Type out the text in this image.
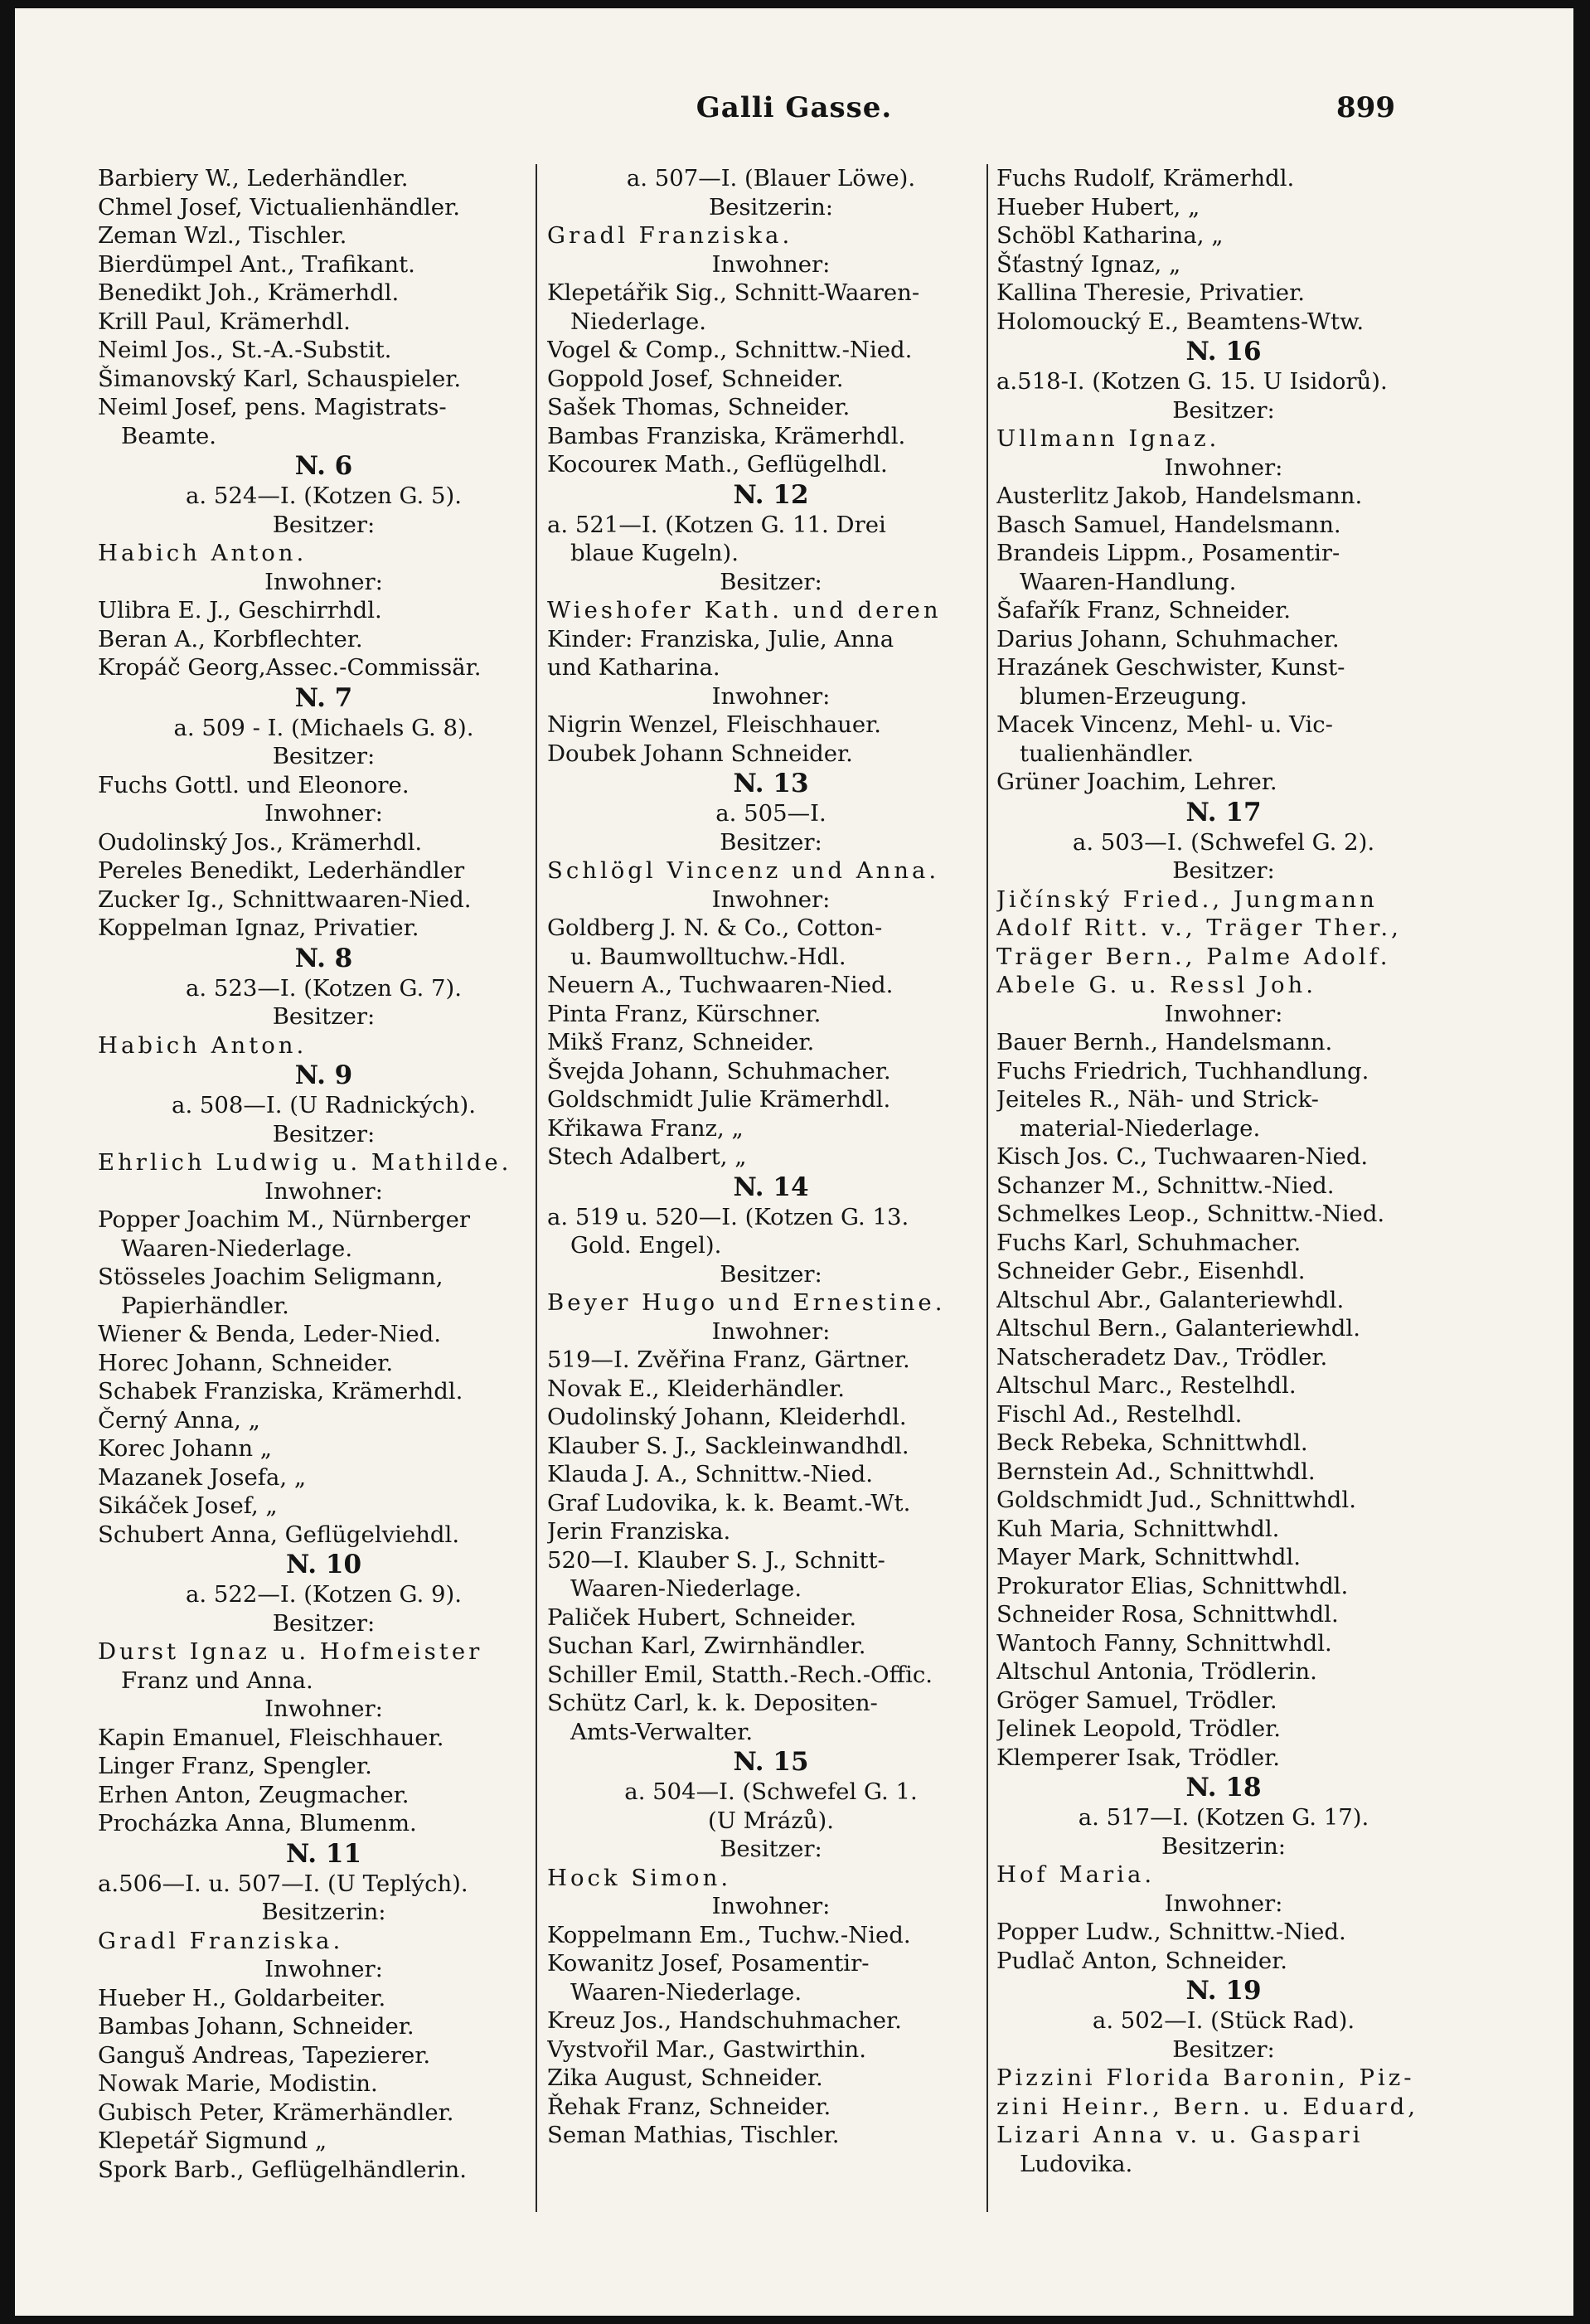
Galli Gasse.	899
Barbiery W., Lederhändler.
Chmel Josef, Victualienhändler.
Zeman Wzl., Tischler.
Bierdümpel Ant., Trafikant.
Benedikt Joh., Krämerhdl.
Krill Paul, Krämerhdl.
Neiml Jos., St.-A.-Substit.
Šimanovský Karl, Schauspieler.
Neiml Josef, pens. Magistrats-
Beamte.
N. 6
a. 524—I. (Kotzen G. 5).
Besitzer:
Habich Anton.
Inwohner:
Ulibra E. J., Geschirrhdl.
Beran A., Korbflechter.
Kropáč Georg,Assec.-Commissär.
N. 7
a. 509 - I. (Michaels G. 8).
Besitzer:
Fuchs Gottl. und Eleonore.
Inwohner:
Oudolinský Jos., Krämerhdl.
Pereles Benedikt, Lederhändler
Zucker Ig., Schnittwaaren-Nied.
Koppelman Ignaz, Privatier.
N. 8
a. 523—I. (Kotzen G. 7).
Besitzer:
Habich Anton.
N. 9
a. 508—I. (U Radnických).
Besitzer:
Ehrlich Ludwig u. Mathilde.
Inwohner:
Popper Joachim M., Nürnberger
Waaren-Niederlage.
Stösseles Joachim Seligmann,
Papierhändler.
Wiener & Benda, Leder-Nied.
Horec Johann, Schneider.
Schabek Franziska, Krämerhdl.
Černý Anna, „
Korec Johann „
Mazanek Josefa, „
Sikáček Josef, „
Schubert Anna, Geflügelviehdl.
N. 10
a. 522—I. (Kotzen G. 9).
Besitzer:
Durst Ignaz u. Hofmeister
Franz und Anna.
Inwohner:
Kapin Emanuel, Fleischhauer.
Linger Franz, Spengler.
Erhen Anton, Zeugmacher.
Procházka Anna, Blumenm.
N. 11
a.506—I. u. 507—I. (U Teplých).
Besitzerin:
Gradl Franziska.
Inwohner:
Hueber H., Goldarbeiter.
Bambas Johann, Schneider.
Ganguš Andreas, Tapezierer.
Nowak Marie, Modistin.
Gubisch Peter, Krämerhändler.
Klepetář Sigmund „
Spork Barb., Geflügelhändlerin.
a. 507—I. (Blauer Löwe).
Besitzerin:
Gradl Franziska.
Inwohner:
Klepetářik Sig., Schnitt-Waaren-
Niederlage.
Vogel & Comp., Schnittw.-Nied.
Goppold Josef, Schneider.
Sašek Thomas, Schneider.
Bambas Franziska, Krämerhdl.
Kocoureк Math., Geflügelhdl.
N. 12
a. 521—I. (Kotzen G. 11. Drei
blaue Kugeln).
Besitzer:
Wieshofer Kath. und deren
Kinder: Franziska, Julie, Anna
und Katharina.
Inwohner:
Nigrin Wenzel, Fleischhauer.
Doubek Johann Schneider.
N. 13
a. 505—I.
Besitzer:
Schlögl Vincenz und Anna.
Inwohner:
Goldberg J. N. & Co., Cotton-
u. Baumwolltuchw.-Hdl.
Neuern A., Tuchwaaren-Nied.
Pinta Franz, Kürschner.
Mikš Franz, Schneider.
Švejda Johann, Schuhmacher.
Goldschmidt Julie Krämerhdl.
Křikawa Franz, „
Stech Adalbert, „
N. 14
a. 519 u. 520—I. (Kotzen G. 13.
Gold. Engel).
Besitzer:
Beyer Hugo und Ernestine.
Inwohner:
519—I. Zvěřina Franz, Gärtner.
Novak E., Kleiderhändler.
Oudolinský Johann, Kleiderhdl.
Klauber S. J., Sackleinwandhdl.
Klauda J. A., Schnittw.-Nied.
Graf Ludovika, k. k. Beamt.-Wt.
Jerin Franziska.
520—I. Klauber S. J., Schnitt-
Waaren-Niederlage.
Paliček Hubert, Schneider.
Suchan Karl, Zwirnhändler.
Schiller Emil, Statth.-Rech.-Offic.
Schütz Carl, k. k. Depositen-
Amts-Verwalter.
N. 15
a. 504—I. (Schwefel G. 1.
(U Mrázů).
Besitzer:
Hock Simon.
Inwohner:
Koppelmann Em., Tuchw.-Nied.
Kowanitz Josef, Posamentir-
Waaren-Niederlage.
Kreuz Jos., Handschuhmacher.
Vystvořil Mar., Gastwirthin.
Zika August, Schneider.
Řehak Franz, Schneider.
Seman Mathias, Tischler.
Fuchs Rudolf, Krämerhdl.
Hueber Hubert, „
Schöbl Katharina, „
Šťastný Ignaz, „
Kallina Theresie, Privatier.
Holomoucký E., Beamtens-Wtw.
N. 16
a.518-I. (Kotzen G. 15. U Isidorů).
Besitzer:
Ullmann Ignaz.
Inwohner:
Austerlitz Jakob, Handelsmann.
Basch Samuel, Handelsmann.
Brandeis Lippm., Posamentir-
Waaren-Handlung.
Šafařík Franz, Schneider.
Darius Johann, Schuhmacher.
Hrazánek Geschwister, Kunst-
blumen-Erzeugung.
Macek Vincenz, Mehl- u. Vic-
tualienhändler.
Grüner Joachim, Lehrer.
N. 17
a. 503—I. (Schwefel G. 2).
Besitzer:
Jičínský Fried., Jungmann
Adolf Ritt. v., Träger Ther.,
Träger Bern., Palme Adolf.
Abele G. u. Ressl Joh.
Inwohner:
Bauer Bernh., Handelsmann.
Fuchs Friedrich, Tuchhandlung.
Jeiteles R., Näh- und Strick-
material-Niederlage.
Kisch Jos. C., Tuchwaaren-Nied.
Schanzer M., Schnittw.-Nied.
Schmelkes Leop., Schnittw.-Nied.
Fuchs Karl, Schuhmacher.
Schneider Gebr., Eisenhdl.
Altschul Abr., Galanteriewhdl.
Altschul Bern., Galanteriewhdl.
Natscheradetz Dav., Trödler.
Altschul Marc., Restelhdl.
Fischl Ad., Restelhdl.
Beck Rebeka, Schnittwhdl.
Bernstein Ad., Schnittwhdl.
Goldschmidt Jud., Schnittwhdl.
Kuh Maria, Schnittwhdl.
Mayer Mark, Schnittwhdl.
Prokurator Elias, Schnittwhdl.
Schneider Rosa, Schnittwhdl.
Wantoch Fanny, Schnittwhdl.
Altschul Antonia, Trödlerin.
Gröger Samuel, Trödler.
Jelinek Leopold, Trödler.
Klemperer Isak, Trödler.
N. 18
a. 517—I. (Kotzen G. 17).
Besitzerin:
Hof Maria.
Inwohner:
Popper Ludw., Schnittw.-Nied.
Pudlač Anton, Schneider.
N. 19
a. 502—I. (Stück Rad).
Besitzer:
Pizzini Florida Baronin, Piz-
zini Heinr., Bern. u. Eduard,
Lizari Anna v. u. Gaspari
Ludovika.
